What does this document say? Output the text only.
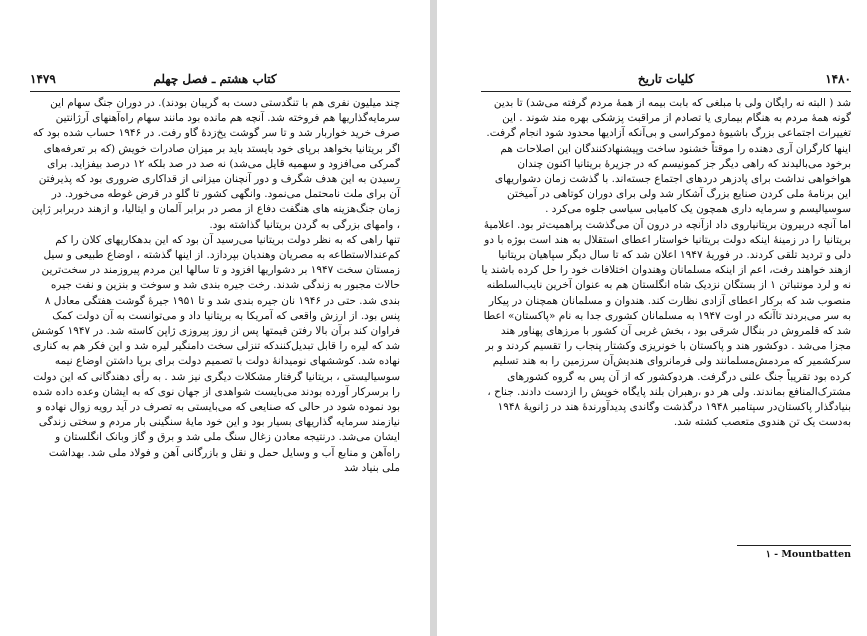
کتاب هشتم ـ فصل چهلم
۱۴۷۹

چند میلیون نفری هم با تنگدستی دست به گریبان بودند). در دوران جنگ سهام این سرمایه‌گذاریها هم فروخته شد. آنچه هم مانده بود مانند سهام راه‌آهنهای آرژانتین صرف خرید خواربار شد و تا سر گوشت یخ‌زدهٔ گاو رفت. در ۱۹۴۶ حساب شده بود که اگر بریتانیا بخواهد برپای خود بایستد باید بر میزان صادرات خویش (که بر تعرفه‌های گمرکی می‌افزود و سهمیه قایل می‌شد) نه صد در صد بلکه ۱۲ درصد بیفزاید. برای رسیدن به این هدف شگرف و دور آنچنان میزانی از قداکاری ضروری بود که پذیرفتن آن برای ملت نامحتمل می‌نمود. وانگهی کشور تا گلو در قرض غوطه می‌خورد. در زمان جنگ‌هزینه های هنگفت دفاع از مصر در برابر آلمان و ایتالیا، و ازهند دربرابر ژاپن ، وامهای بزرگی به گردن بریتانیا گذاشته بود.

تنها راهی که به نظر دولت بریتانیا می‌رسید آن بود که این بدهکاریهای کلان را کم کم‌عندالاستطاعه به مصریان وهندیان بپردازد. از اینها گذشته ، اوضاع طبیعی و سیل زمستان سخت ۱۹۴۷ بر دشواریها افزود و تا سالها این مردم پیروزمند در سخت‌ترین حالات مجبور به زندگی شدند. رخت جیره بندی شد و سوخت و بنزین و نفت جیره بندی شد. حتی در ۱۹۴۶ نان جیره بندی شد و تا ۱۹۵۱ جیرهٔ گوشت هفتگی معادل ۸ پنس بود. از ارزش واقعی که آمریکا به بریتانیا داد و می‌توانست به آن دولت کمک فراوان کند برآن بالا رفتن قیمتها پس از روز پیروزی ژاپن کاسته شد. در ۱۹۴۷ کوشش شد که لیره را قابل تبدیل‌کنندکه تنزلی سخت دامنگیر لیره شد و این فکر هم به کناری نهاده شد. کوششهای نومیدانهٔ دولت با تصمیم دولت برای برپا داشتن اوضاع نیمه سوسیالیستی ، بریتانیا گرفتار مشکلات دیگری نیز شد . به رأی دهندگانی که این دولت را برسرکار آورده بودند می‌بایست شواهدی از جهان نوی که به ایشان وعده داده شده بود نموده شود در حالی که صنایعی که می‌بایستی به تصرف در آید رویه زوال نهاده و نیازمند سرمایه گذاریهای بسیار بود و این خود مایهٔ سنگینی بار مردم و سختی زندگی ایشان می‌شد. درنتیجه معادن زغال سنگ ملی شد و برق و گاز وبانک انگلستان و راه‌آهن و منابع آب و وسایل حمل و نقل و بازرگانی آهن و فولاد ملی شد. بهداشت ملی بنیاد شد

کلیات تاریخ	۱۴۸۰

شد ( البته نه رایگان ولی با مبلغی که بابت بیمه از همهٔ مردم گرفته می‌شد) تا بدین گونه همهٔ مردم به هنگام بیماری یا تصادم از مراقبت پزشکی بهره مند شوند . این تغییرات اجتماعی بزرگ باشیوهٔ دموکراسی و بی‌آنکه آزادیها محدود شود انجام گرفت. اینها کارگران آری دهنده را موقتاً خشنود ساخت وپیشنهادکنندگان این اصلاحات هم برخود می‌بالیدند که راهی دیگر جز کمونیسم که در جزیرهٔ بریتانیا اکنون چندان هواخواهی نداشت برای پادزهر دردهای اجتماع جسته‌اند. با گذشت زمان دشواریهای این برنامهٔ ملی کردن صنایع بزرگ آشکار شد ولی برای دوران کوتاهی در آمیختن سوسیالیسم و سرمایه داری همچون یک کامیابی سیاسی جلوه می‌کرد .

اما آنچه دربیرون بریتانیاروی داد ازآنچه در درون آن می‌گذشت پراهمیت‌تر بود. اعلامیهٔ بریتانیا را در زمینهٔ اینکه دولت بریتانیا خواستار اعطای استقلال به هند است بوژه با دو دلی و تردید تلقی کردند. در فوریهٔ ۱۹۴۷ اعلان شد که تا سال دیگر سپاهیان بریتانیا ازهند خواهند رفت، اعم از اینکه مسلمانان وهندوان اختلافات خود را حل کرده باشند یا نه و لرد مونتباتن ۱ از بستگان نزدیک شاه انگلستان هم به عنوان آخرین نایب‌السلطنه منصوب شد که برکار اعطای آزادی نظارت کند. هندوان و مسلمانان همچنان در پیکار به سر می‌بردند تاآنکه در اوت ۱۹۴۷ به مسلمانان کشوری جدا به نام «پاکستان» اعطا شد که قلمروش در بنگال شرقی بود ، بخش غربی آن کشور با مرزهای پهناور هند مجزا می‌شد . دوکشور هند و پاکستان با خونریزی وکشتار پنجاب را تقسیم کردند و بر سرکشمیر که مردمش‌مسلمانند ولی فرمانروای هندیش‌آن سرزمین را به هند تسلیم کرده بود تقریباً جنگ علنی درگرفت. هردوکشور که از آن پس به گروه کشورهای مشترک‌المنافع بماندند. ولی هر دو ،رهبران بلند پایگاه خویش را ازدست دادند. جناح ، بنیادگذار پاکستان‌در سپتامبر ۱۹۴۸ درگذشت وگاندی پدیدآورندهٔ هند در ژانویهٔ ۱۹۴۸ به‌دست یک تن هندوی متعصب کشته شد.

۱ - Mountbatten
